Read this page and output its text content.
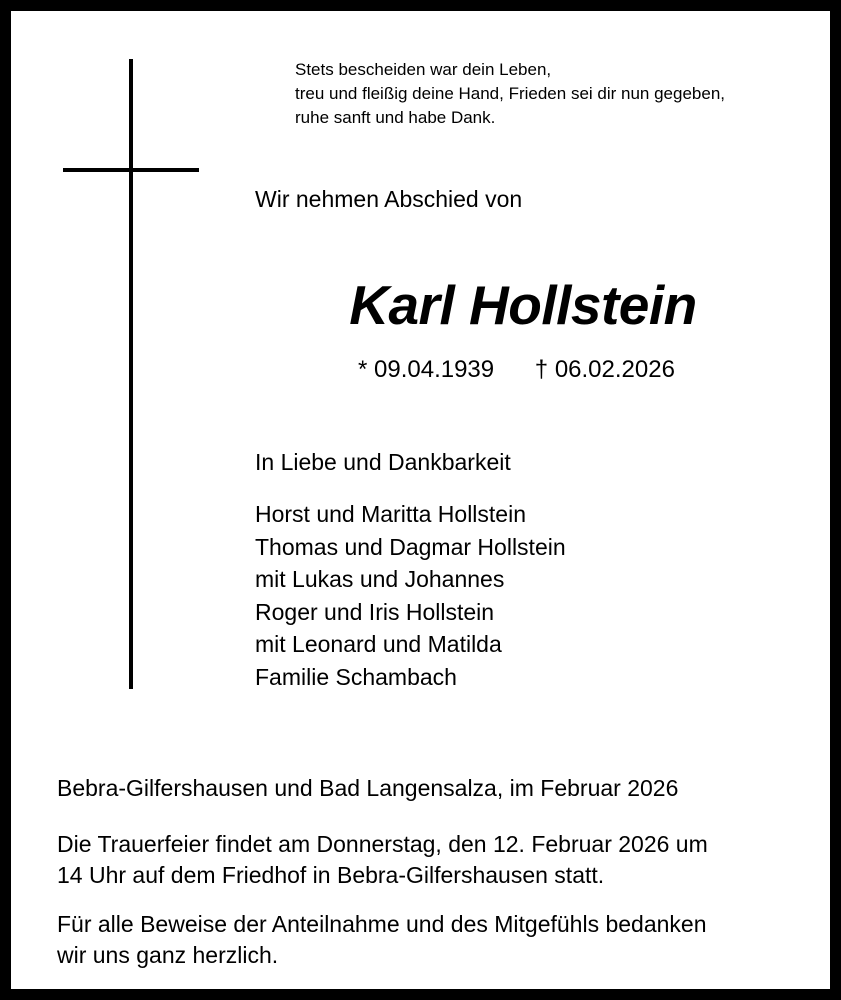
Stets bescheiden war dein Leben,
treu und fleißig deine Hand, Frieden sei dir nun gegeben,
ruhe sanft und habe Dank.
Wir nehmen Abschied von
Karl Hollstein
* 09.04.1939 † 06.02.2026
In Liebe und Dankbarkeit
Horst und Maritta Hollstein
Thomas und Dagmar Hollstein
mit Lukas und Johannes
Roger und Iris Hollstein
mit Leonard und Matilda
Familie Schambach
Bebra-Gilfershausen und Bad Langensalza, im Februar 2026
Die Trauerfeier findet am Donnerstag, den 12. Februar 2026 um
14 Uhr auf dem Friedhof in Bebra-Gilfershausen statt.
Für alle Beweise der Anteilnahme und des Mitgefühls bedanken
wir uns ganz herzlich.
